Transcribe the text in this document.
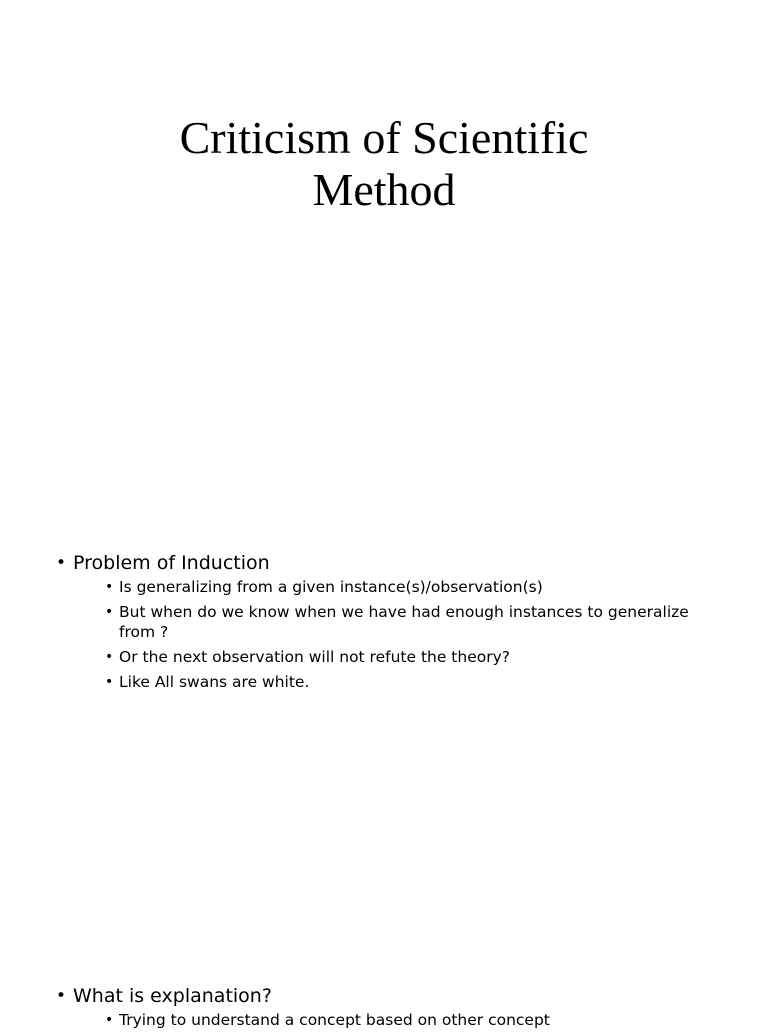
Criticism of Scientific
Method
• Problem of Induction
• Is generalizing from a given instance(s)/observation(s)
• But when do we know when we have had enough instances to generalize from ?
• Or the next observation will not refute the theory?
• Like All swans are white.
• What is explanation?
• Trying to understand a concept based on other concept
